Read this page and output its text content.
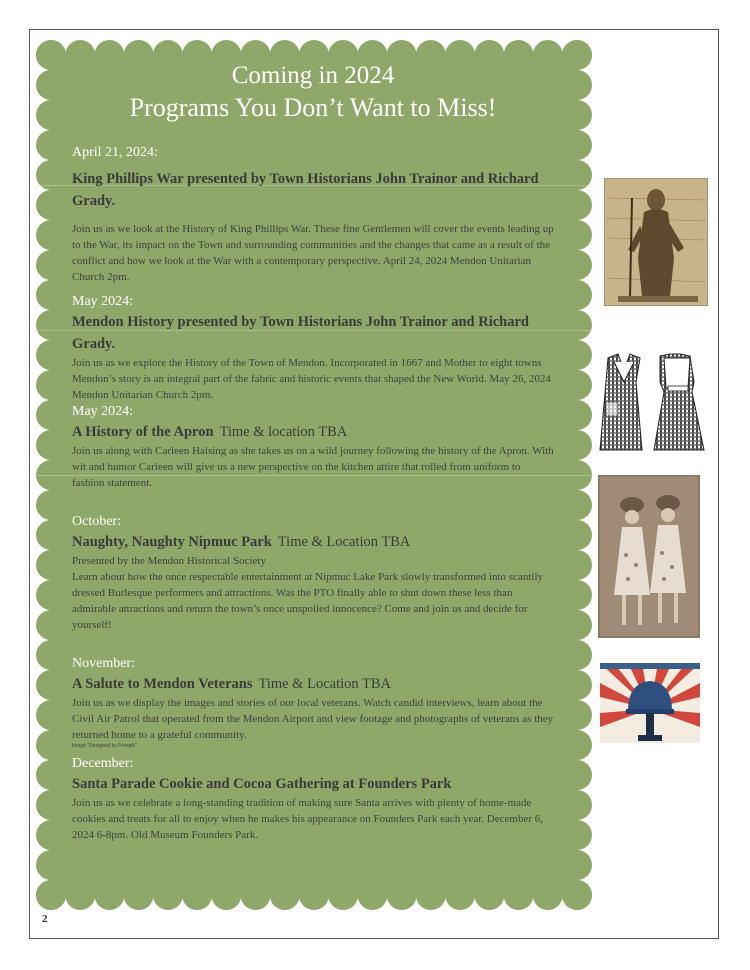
Coming in 2024
Programs You Don’t Want to Miss!
April 21, 2024:
King Phillips War presented by Town Historians John Trainor and Richard Grady.
Join us as we look at the History of King Phillips War. These fine Gentlemen will cover the events leading up to the War, its impact on the Town and surrounding communities and the changes that came as a result of the conflict and how we look at the War with a contemporary perspective. April 24, 2024 Mendon Unitarian Church 2pm.
May 2024:
Mendon History presented by Town Historians John Trainor and Richard Grady.
Join us as we explore the History of the Town of Mendon. Incorporated in 1667 and Mother to eight towns Mendon’s story is an integral part of the fabric and historic events that shaped the New World. May 26, 2024 Mendon Unitarian Church 2pm.
May 2024:
A History of the Apron Time & location TBA
Join us along with Carleen Halsing as she takes us on a wild journey following the history of the Apron. With wit and humor Carleen will give us a new perspective on the kitchen attire that rolled from uniform to fashion statement.
October:
Naughty, Naughty Nipmuc Park Time & Location TBA
Presented by the Mendon Historical Society
Learn about how the once respectable entertainment at Nipmuc Lake Park slowly transformed into scantily dressed Burlesque performers and attractions. Was the PTO finally able to shut down these less than admirable attractions and return the town’s once unspoiled innocence? Come and join us and decide for yourself!
November:
A Salute to Mendon Veterans Time & Location TBA
Join us as we display the images and stories of our local veterans. Watch candid interviews, learn about the Civil Air Patrol that operated from the Mendon Airport and view footage and photographs of veterans as they returned home to a grateful community.
Image "Designed by Freepik"
December:
Santa Parade Cookie and Cocoa Gathering at Founders Park
Join us as we celebrate a long-standing tradition of making sure Santa arrives with plenty of home-made cookies and treats for all to enjoy when he makes his appearance on Founders Park each year. December 6, 2024 6-8pm. Old Museum Founders Park.
2
